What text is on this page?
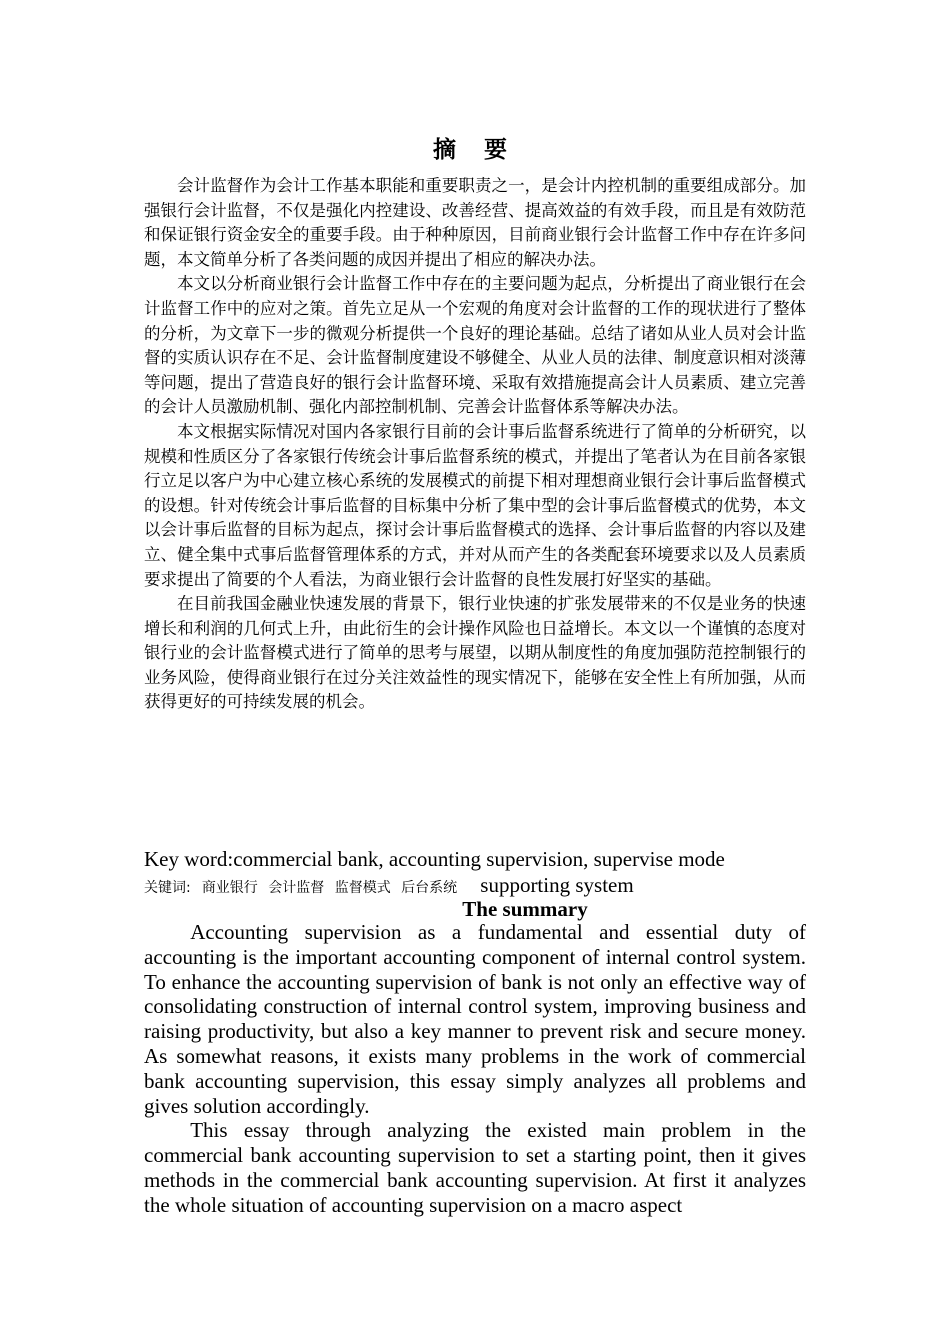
摘 要

会计监督作为会计工作基本职能和重要职责之一，是会计内控机制的重要组成部分。加强银行会计监督，不仅是强化内控建设、改善经营、提高效益的有效手段，而且是有效防范和保证银行资金安全的重要手段。由于种种原因，目前商业银行会计监督工作中存在许多问题，本文简单分析了各类问题的成因并提出了相应的解决办法。

本文以分析商业银行会计监督工作中存在的主要问题为起点，分析提出了商业银行在会计监督工作中的应对之策。首先立足从一个宏观的角度对会计监督的工作的现状进行了整体的分析，为文章下一步的微观分析提供一个良好的理论基础。总结了诸如从业人员对会计监督的实质认识存在不足、会计监督制度建设不够健全、从业人员的法律、制度意识相对淡薄等问题，提出了营造良好的银行会计监督环境、采取有效措施提高会计人员素质、建立完善的会计人员激励机制、强化内部控制机制、完善会计监督体系等解决办法。

本文根据实际情况对国内各家银行目前的会计事后监督系统进行了简单的分析研究，以规模和性质区分了各家银行传统会计事后监督系统的模式，并提出了笔者认为在目前各家银行立足以客户为中心建立核心系统的发展模式的前提下相对理想商业银行会计事后监督模式的设想。针对传统会计事后监督的目标集中分析了集中型的会计事后监督模式的优势，本文以会计事后监督的目标为起点，探讨会计事后监督模式的选择、会计事后监督的内容以及建立、健全集中式事后监督管理体系的方式，并对从而产生的各类配套环境要求以及人员素质要求提出了简要的个人看法，为商业银行会计监督的良性发展打好坚实的基础。

在目前我国金融业快速发展的背景下，银行业快速的扩张发展带来的不仅是业务的快速增长和利润的几何式上升，由此衍生的会计操作风险也日益增长。本文以一个谨慎的态度对银行业的会计监督模式进行了简单的思考与展望，以期从制度性的角度加强防范控制银行的业务风险，使得商业银行在过分关注效益性的现实情况下，能够在安全性上有所加强，从而获得更好的可持续发展的机会。

Key word:commercial bank, accounting supervision, supervise mode
关键词: 商业银行 会计监督 监督模式 后台系统 supporting system
The summary

Accounting supervision as a fundamental and essential duty of accounting is the important accounting component of internal control system. To enhance the accounting supervision of bank is not only an effective way of consolidating construction of internal control system, improving business and raising productivity, but also a key manner to prevent risk and secure money. As somewhat reasons, it exists many problems in the work of commercial bank accounting supervision, this essay simply analyzes all problems and gives solution accordingly.

This essay through analyzing the existed main problem in the commercial bank accounting supervision to set a starting point, then it gives methods in the commercial bank accounting supervision. At first it analyzes the whole situation of accounting supervision on a macro aspect
